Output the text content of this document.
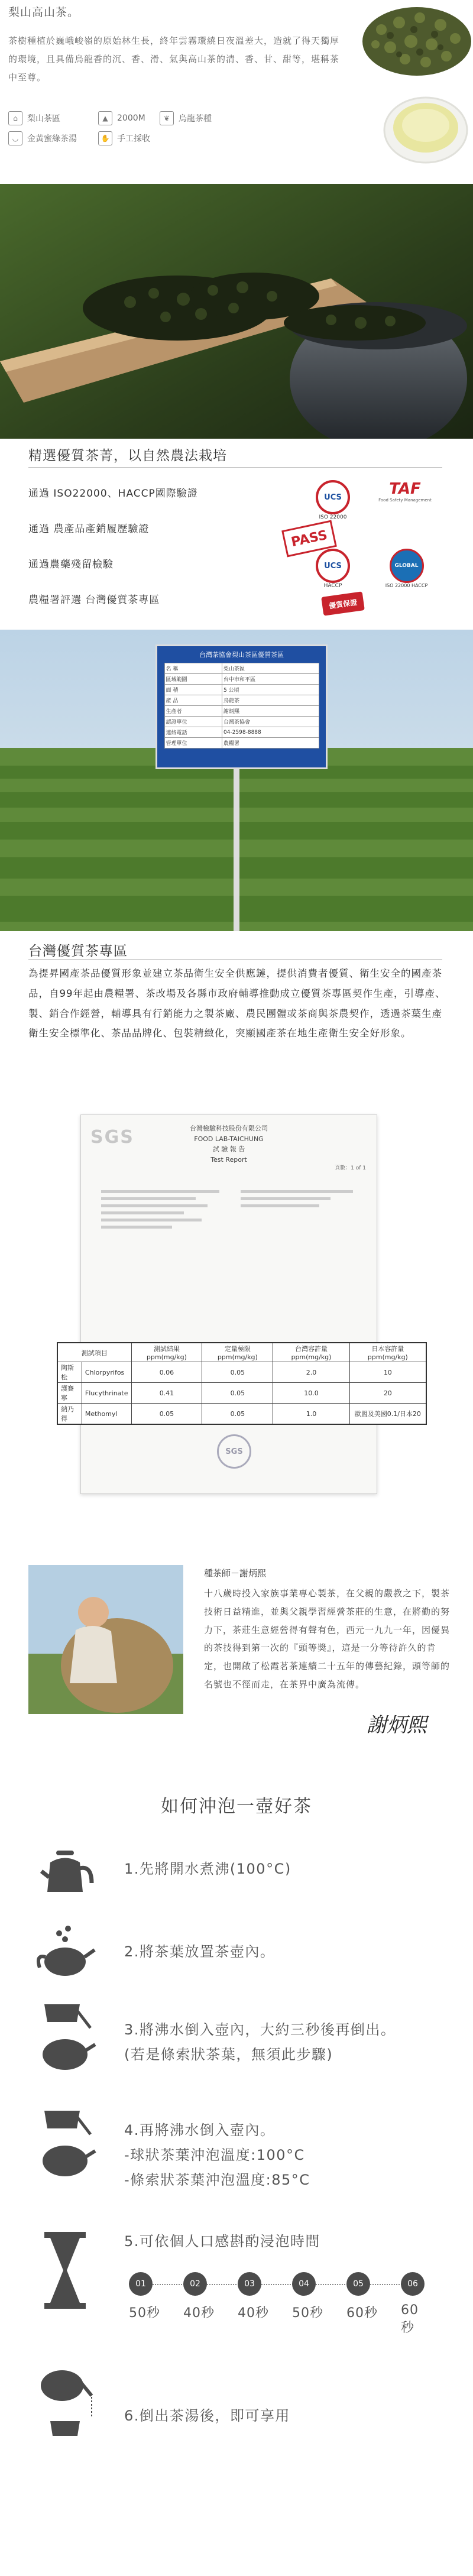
梨山高山茶。
茶樹種植於巍峨峻嶺的原始林生長，終年雲霧環繞日夜溫差大，造就了得天獨厚的環境，且具備烏龍香的沉、香、滑、氣與高山茶的清、香、甘、甜等，堪稱茶中至尊。
⌂	梨山茶區	▲	2000M	❦	烏龍茶種
◡	金黃蜜綠茶湯	✋ 手工採收
精選優質茶菁，以自然農法栽培
通過 ISO22000、HACCP國際驗證
通過 農產品產銷履歷驗證
通過農藥殘留檢驗
農糧署評選 台灣優質茶專區
UCS
ISO 22000
TAF
Food Safety Management
PASS
UCS
HACCP
GLOBAL
ISO 22000 HACCP
優質保證
台灣茶協會梨山茶區優質茶區
名 稱	梨山茶區
區域範圍	台中市和平區
面 積	5 公頃
產 品	烏龍茶
生產者	謝炳熙
認證單位	台灣茶協會
連絡電話	04-2598-8888
管理單位	農糧署
台灣優質茶專區
為提昇國產茶品優質形象並建立茶品衛生安全供應鏈，提供消費者優質、衛生安全的國產茶品，自99年起由農糧署、茶改場及各縣市政府輔導推動成立優質茶專區契作生產，引導產、製、銷合作經營，輔導具有行銷能力之製茶廠、農民團體或茶商與茶農契作，透過茶葉生產衛生安全標準化、茶品品牌化、包裝精緻化，突顯國產茶在地生產衛生安全好形象。
SGS	台灣檢驗科技股份有限公司
FOOD LAB-TAICHUNG
試 驗 報 告
Test Report
頁數：1 of 1
SGS
測試項目		測試結果 ppm(mg/kg)	定量極限 ppm(mg/kg)	台灣容許量 ppm(mg/kg)	日本容許量 ppm(mg/kg)
陶斯松	Chlorpyrifos	0.06	0.05	2.0	10
護賽寧	Flucythrinate	0.41	0.05	10.0	20
納乃得	Methomyl	0.05	0.05	1.0	歐盟及美國0.1/日本20
種茶師－謝炳熙
十八歲時投入家族事業專心製茶，在父親的嚴教之下，製茶技術日益精進，並與父親學習經營茶莊的生意，在將勤的努力下，茶莊生意經營得有聲有色，西元一九九一年，因優異的茶技得到第一次的『頭等獎』，這是一分等待許久的肯定，也開啟了松霞茗茶連續二十五年的傳藝紀錄，頭等師的名號也不徑而走，在茶界中廣為流傳。
謝炳熙
如何沖泡一壺好茶
1.先將開水煮沸(100°C)
2.將茶葉放置茶壺內。
3.將沸水倒入壺內，大約三秒後再倒出。
(若是條索狀茶葉，無須此步驟)
4.再將沸水倒入壺內。
-球狀茶葉沖泡溫度:100°C
-條索狀茶葉沖泡溫度:85°C
5.可依個人口感斟酌浸泡時間
01
50秒
02
40秒
03
40秒
04
50秒
05
60秒
06
60秒
6.倒出茶湯後，即可享用
